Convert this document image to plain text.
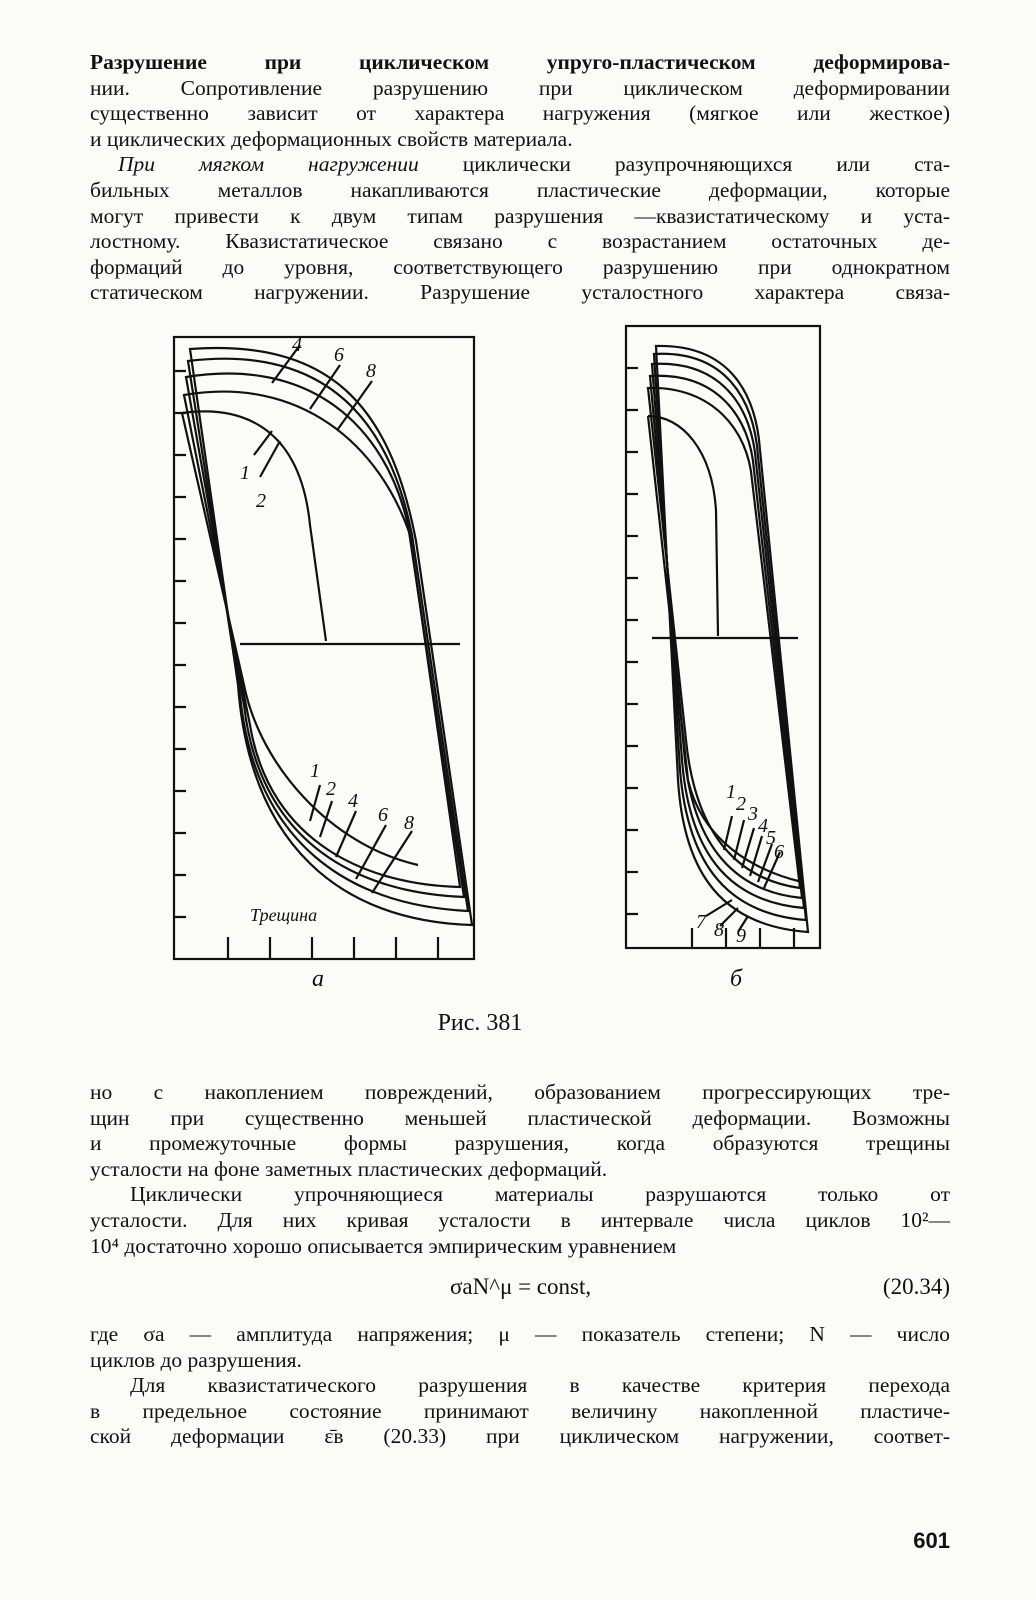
Разрушение при циклическом упруго-пластическом деформирова-
нии. Сопротивление разрушению при циклическом деформировании
существенно зависит от характера нагружения (мягкое или жесткое)
и циклических деформационных свойств материала.

При мягком нагружении циклически разупрочняющихся или ста-
бильных металлов накапливаются пластические деформации, которые
могут привести к двум типам разрушения —квазистатическому и уста-
лостному. Квазистатическое связано с возрастанием остаточных де-
формаций до уровня, соответствующего разрушению при однократном
статическом нагружении. Разрушение усталостного характера связа-

4 6
8
1
2
1
2
4
6 8
Трещина
1
2 3
4
5
6
7 8 9
а	б
Рис. 381

но с накоплением повреждений, образованием прогрессирующих тре-
щин при существенно меньшей пластической деформации. Возможны
и промежуточные формы разрушения, когда образуются трещины
усталости на фоне заметных пластических деформаций.

Циклически упрочняющиеся материалы разрушаются только от
усталости. Для них кривая усталости в интервале числа циклов 10²—
10⁴ достаточно хорошо описывается эмпирическим уравнением

σaN^μ = const,	(20.34)

где σa — амплитуда напряжения; μ — показатель степени; N — число
циклов до разрушения.

Для квазистатического разрушения в качестве критерия перехода
в предельное состояние принимают величину накопленной пластиче-
ской деформации ε̄в (20.33) при циклическом нагружении, соответ-

601
